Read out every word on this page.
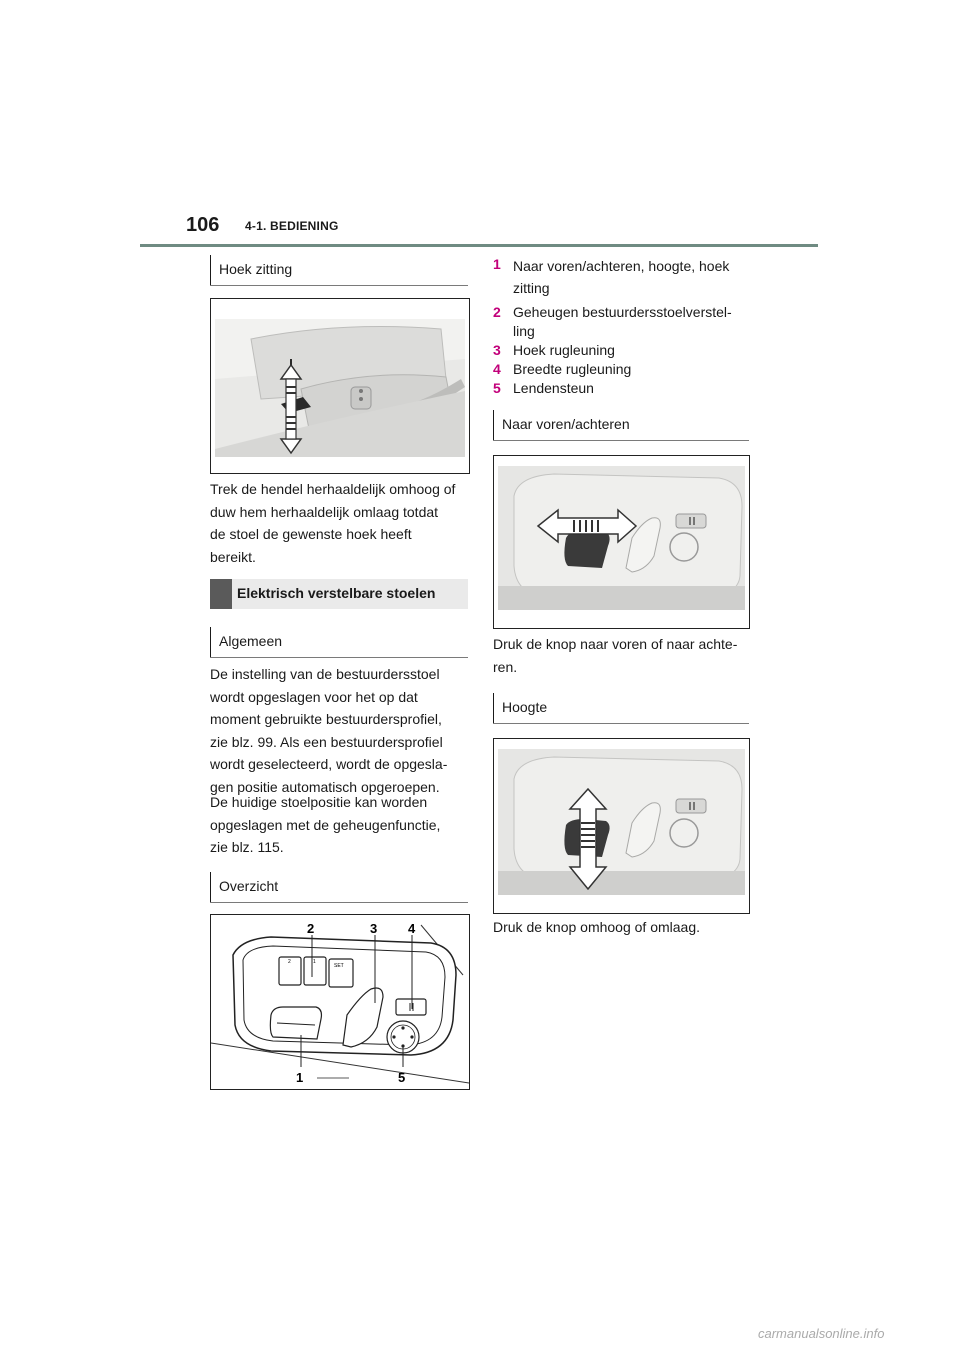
106 4-1. BEDIENING
Hoek zitting
Trek de hendel herhaaldelijk omhoog of
duw hem herhaaldelijk omlaag totdat
de stoel de gewenste hoek heeft
bereikt.
Elektrisch verstelbare stoelen
Algemeen
De instelling van de bestuurdersstoel
wordt opgeslagen voor het op dat
moment gebruikte bestuurdersprofiel,
zie blz. 99. Als een bestuurdersprofiel
wordt geselecteerd, wordt de opgesla-
gen positie automatisch opgeroepen.
De huidige stoelpositie kan worden
opgeslagen met de geheugenfunctie,
zie blz. 115.
Overzicht
2	1
SET
2	3 4
1	5
1 Naar voren/achteren, hoogte, hoek
zitting
2 Geheugen bestuurdersstoelverstel-
ling
3 Hoek rugleuning
4 Breedte rugleuning
5 Lendensteun
Naar voren/achteren
Druk de knop naar voren of naar achte-
ren.
Hoogte
Druk de knop omhoog of omlaag.
carmanualsonline.info
